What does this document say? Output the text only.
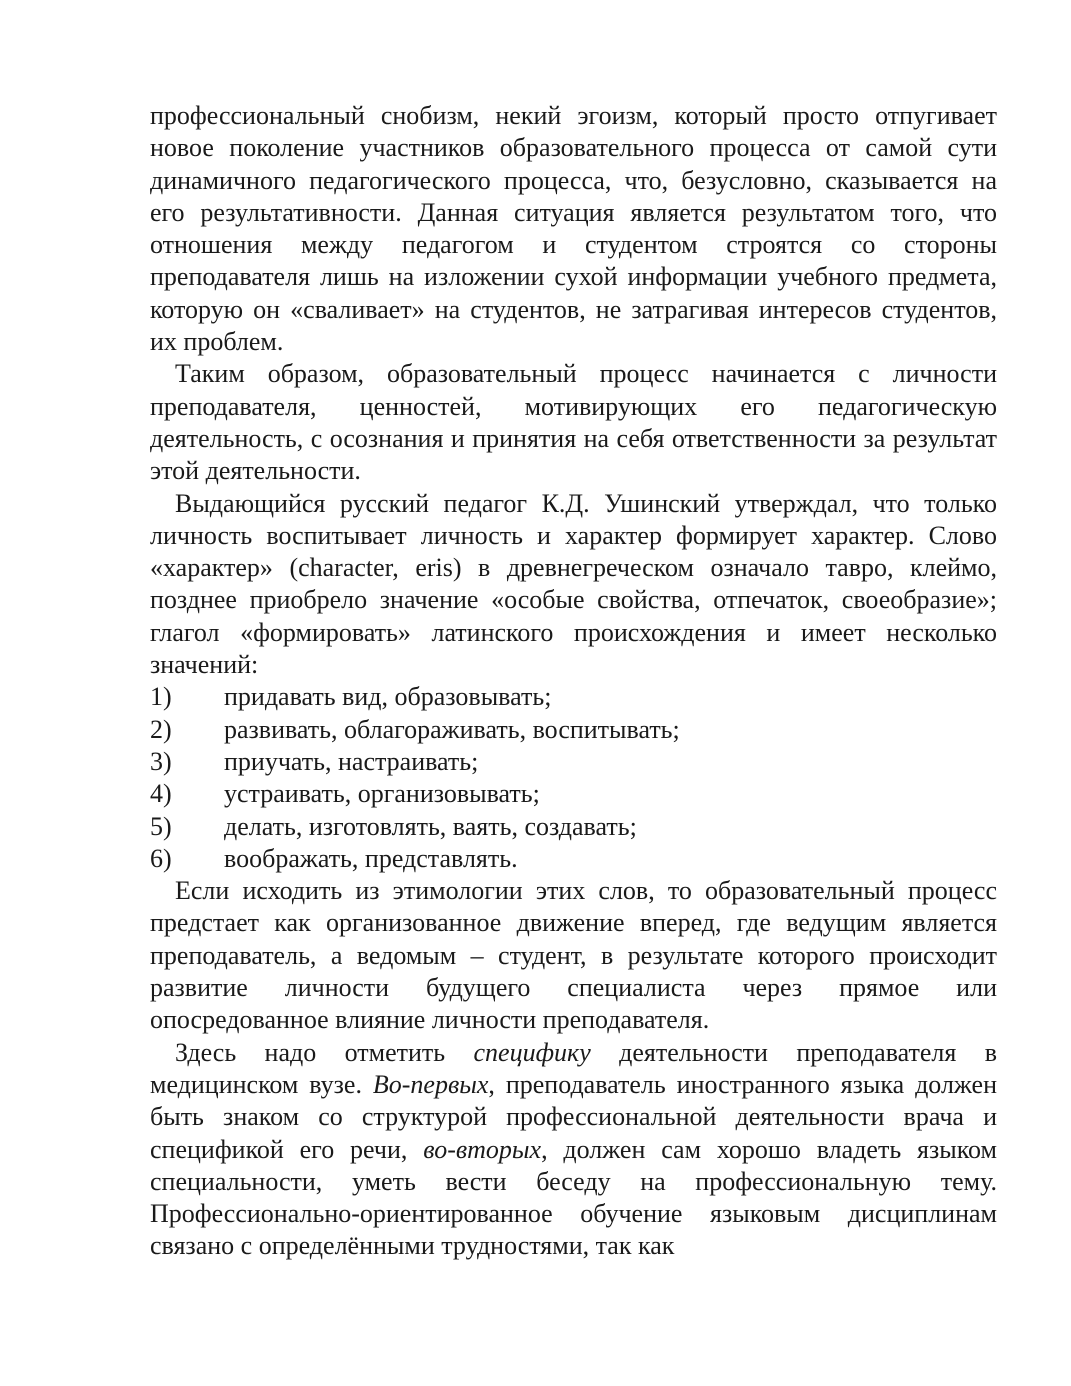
профессиональный снобизм, некий эгоизм, который просто отпугивает новое поколение участников образовательного процесса от самой сути динамичного педагогического процесса, что, безусловно, сказывается на его результативности. Данная ситуация является результатом того, что отношения между педагогом и студентом строятся со стороны преподавателя лишь на изложении сухой информации учебного предмета, которую он «сваливает» на студентов, не затрагивая интересов студентов, их проблем.

Таким образом, образовательный процесс начинается с личности преподавателя, ценностей, мотивирующих его педагогическую деятельность, с осознания и принятия на себя ответственности за результат этой деятельности.

Выдающийся русский педагог К.Д. Ушинский утверждал, что только личность воспитывает личность и характер формирует характер. Слово «характер» (character, eris) в древнегреческом означало тавро, клеймо, позднее приобрело значение «особые свойства, отпечаток, своеобразие»; глагол «формировать» латинского происхождения и имеет несколько значений:

1)	придавать вид, образовывать;
2)	развивать, облагораживать, воспитывать;
3)	приучать, настраивать;
4)	устраивать, организовывать;
5)	делать, изготовлять, ваять, создавать;
6)	воображать, представлять.

Если исходить из этимологии этих слов, то образовательный процесс предстает как организованное движение вперед, где ведущим является преподаватель, а ведомым – студент, в результате которого происходит развитие личности будущего специалиста через прямое или опосредованное влияние личности преподавателя.

Здесь надо отметить специфику деятельности преподавателя в медицинском вузе. Во-первых, преподаватель иностранного языка должен быть знаком со структурой профессиональной деятельности врача и спецификой его речи, во-вторых, должен сам хорошо владеть языком специальности, уметь вести беседу на профессиональную тему. Профессионально-ориентированное обучение языковым дисциплинам связано с определёнными трудностями, так как
